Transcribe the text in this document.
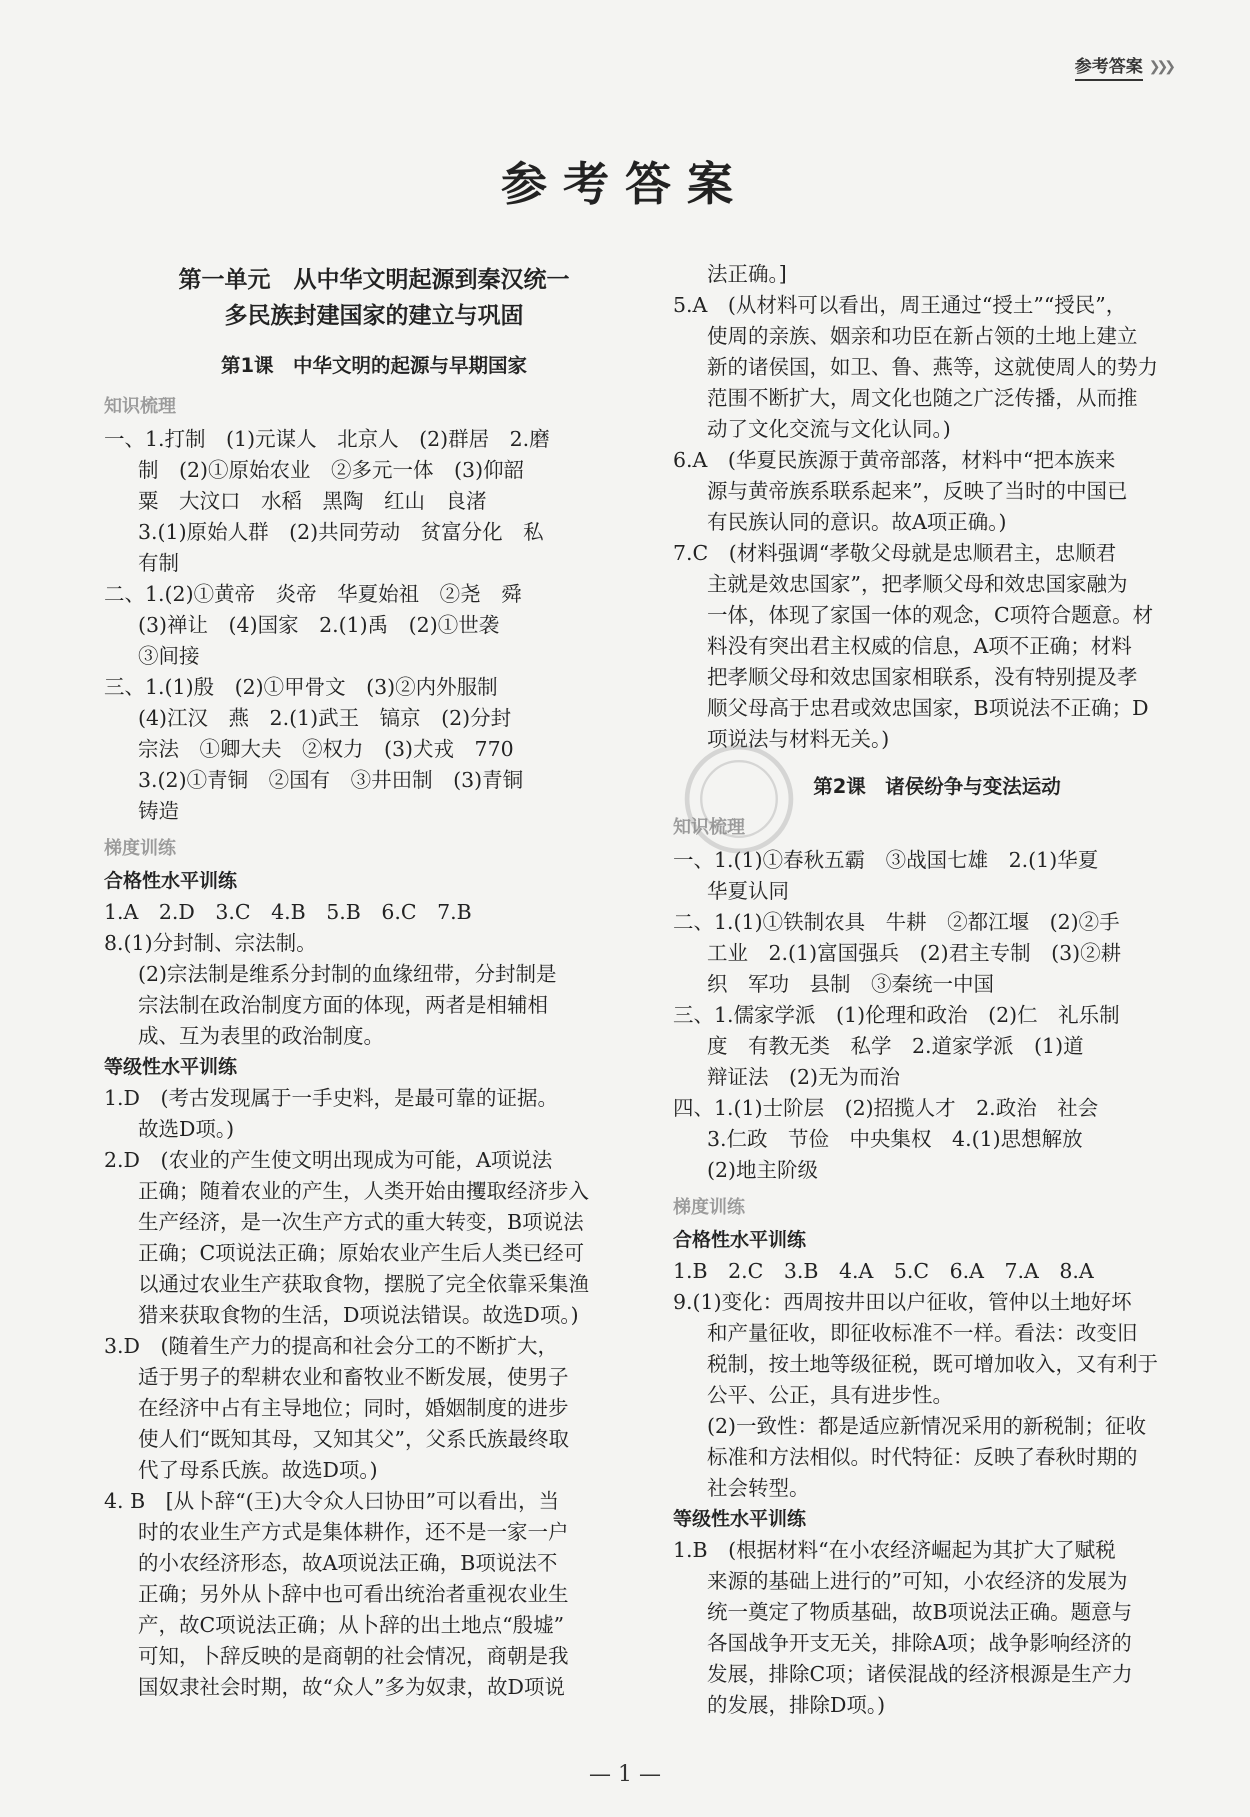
参考答案 ❯❯❯
参考答案
第一单元　从中华文明起源到秦汉统一
多民族封建国家的建立与巩固
第1课　中华文明的起源与早期国家
知识梳理

一、1.打制　(1)元谋人　北京人　(2)群居　2.磨

制　(2)①原始农业　②多元一体　(3)仰韶

粟　大汶口　水稻　黑陶　红山　良渚

3.(1)原始人群　(2)共同劳动　贫富分化　私

有制

二、1.(2)①黄帝　炎帝　华夏始祖　②尧　舜

(3)禅让　(4)国家　2.(1)禹　(2)①世袭

③间接

三、1.(1)殷　(2)①甲骨文　(3)②内外服制

(4)江汉　燕　2.(1)武王　镐京　(2)分封

宗法　①卿大夫　②权力　(3)犬戎　770

3.(2)①青铜　②国有　③井田制　(3)青铜

铸造

梯度训练
合格性水平训练

1.A　2.D　3.C　4.B　5.B　6.C　7.B

8.(1)分封制、宗法制。

(2)宗法制是维系分封制的血缘纽带，分封制是

宗法制在政治制度方面的体现，两者是相辅相

成、互为表里的政治制度。

等级性水平训练

1.D　(考古发现属于一手史料，是最可靠的证据。

故选D项。)

2.D　(农业的产生使文明出现成为可能，A项说法

正确；随着农业的产生，人类开始由攫取经济步入

生产经济，是一次生产方式的重大转变，B项说法

正确；C项说法正确；原始农业产生后人类已经可

以通过农业生产获取食物，摆脱了完全依靠采集渔

猎来获取食物的生活，D项说法错误。故选D项。)

3.D　(随着生产力的提高和社会分工的不断扩大，

适于男子的犁耕农业和畜牧业不断发展，使男子

在经济中占有主导地位；同时，婚姻制度的进步

使人们“既知其母，又知其父”，父系氏族最终取

代了母系氏族。故选D项。)

4. B　[从卜辞“(王)大令众人曰协田”可以看出，当

时的农业生产方式是集体耕作，还不是一家一户

的小农经济形态，故A项说法正确，B项说法不

正确；另外从卜辞中也可看出统治者重视农业生

产，故C项说法正确；从卜辞的出土地点“殷墟”

可知，卜辞反映的是商朝的社会情况，商朝是我

国奴隶社会时期，故“众人”多为奴隶，故D项说

法正确。]

5.A　(从材料可以看出，周王通过“授土”“授民”，

使周的亲族、姻亲和功臣在新占领的土地上建立

新的诸侯国，如卫、鲁、燕等，这就使周人的势力

范围不断扩大，周文化也随之广泛传播，从而推

动了文化交流与文化认同。)

6.A　(华夏民族源于黄帝部落，材料中“把本族来

源与黄帝族系联系起来”，反映了当时的中国已

有民族认同的意识。故A项正确。)

7.C　(材料强调“孝敬父母就是忠顺君主，忠顺君

主就是效忠国家”，把孝顺父母和效忠国家融为

一体，体现了家国一体的观念，C项符合题意。材

料没有突出君主权威的信息，A项不正确；材料

把孝顺父母和效忠国家相联系，没有特别提及孝

顺父母高于忠君或效忠国家，B项说法不正确；D

项说法与材料无关。)

第2课　诸侯纷争与变法运动
知识梳理

一、1.(1)①春秋五霸　③战国七雄　2.(1)华夏

华夏认同

二、1.(1)①铁制农具　牛耕　②都江堰　(2)②手

工业　2.(1)富国强兵　(2)君主专制　(3)②耕

织　军功　县制　③秦统一中国

三、1.儒家学派　(1)伦理和政治　(2)仁　礼乐制

度　有教无类　私学　2.道家学派　(1)道

辩证法　(2)无为而治

四、1.(1)士阶层　(2)招揽人才　2.政治　社会

3.仁政　节俭　中央集权　4.(1)思想解放

(2)地主阶级

梯度训练
合格性水平训练

1.B　2.C　3.B　4.A　5.C　6.A　7.A　8.A

9.(1)变化：西周按井田以户征收，管仲以土地好坏

和产量征收，即征收标准不一样。看法：改变旧

税制，按土地等级征税，既可增加收入，又有利于

公平、公正，具有进步性。

(2)一致性：都是适应新情况采用的新税制；征收

标准和方法相似。时代特征：反映了春秋时期的

社会转型。

等级性水平训练

1.B　(根据材料“在小农经济崛起为其扩大了赋税

来源的基础上进行的”可知，小农经济的发展为

统一奠定了物质基础，故B项说法正确。题意与

各国战争开支无关，排除A项；战争影响经济的

发展，排除C项；诸侯混战的经济根源是生产力

的发展，排除D项。)

— 1 —
